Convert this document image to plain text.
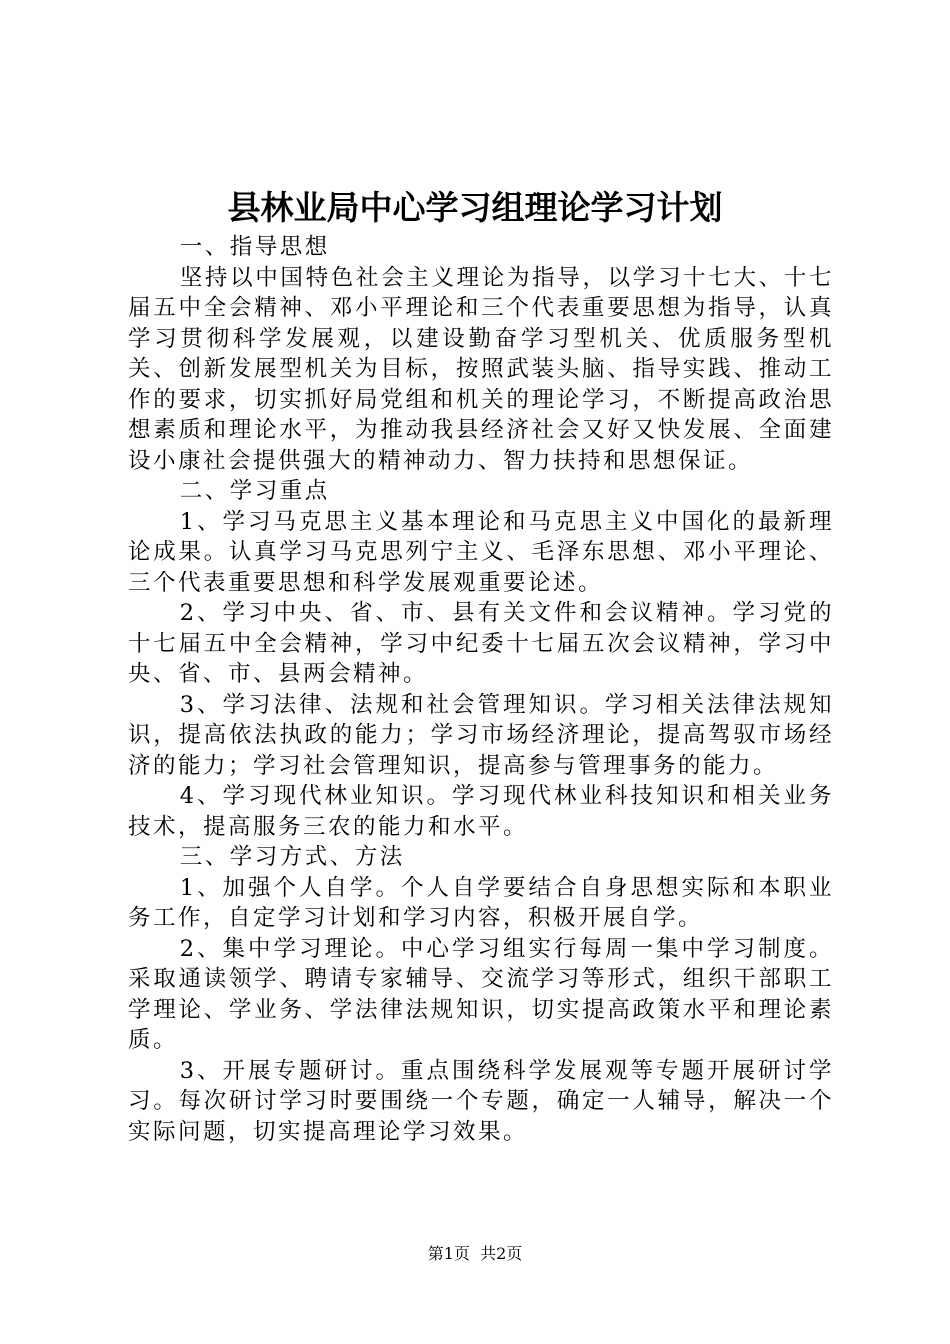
县林业局中心学习组理论学习计划

一、指导思想

坚持以中国特色社会主义理论为指导，以学习十七大、十七届五中全会精神、邓小平理论和三个代表重要思想为指导，认真学习贯彻科学发展观，以建设勤奋学习型机关、优质服务型机关、创新发展型机关为目标，按照武装头脑、指导实践、推动工作的要求，切实抓好局党组和机关的理论学习，不断提高政治思想素质和理论水平，为推动我县经济社会又好又快发展、全面建设小康社会提供强大的精神动力、智力扶持和思想保证。

二、学习重点

1、学习马克思主义基本理论和马克思主义中国化的最新理论成果。认真学习马克思列宁主义、毛泽东思想、邓小平理论、三个代表重要思想和科学发展观重要论述。

2、学习中央、省、市、县有关文件和会议精神。学习党的十七届五中全会精神，学习中纪委十七届五次会议精神，学习中央、省、市、县两会精神。

3、学习法律、法规和社会管理知识。学习相关法律法规知识，提高依法执政的能力；学习市场经济理论，提高驾驭市场经济的能力；学习社会管理知识，提高参与管理事务的能力。

4、学习现代林业知识。学习现代林业科技知识和相关业务技术，提高服务三农的能力和水平。

三、学习方式、方法

1、加强个人自学。个人自学要结合自身思想实际和本职业务工作，自定学习计划和学习内容，积极开展自学。

2、集中学习理论。中心学习组实行每周一集中学习制度。采取通读领学、聘请专家辅导、交流学习等形式，组织干部职工学理论、学业务、学法律法规知识，切实提高政策水平和理论素质。

3、开展专题研讨。重点围绕科学发展观等专题开展研讨学习。每次研讨学习时要围绕一个专题，确定一人辅导，解决一个实际问题，切实提高理论学习效果。

第1页 共2页
